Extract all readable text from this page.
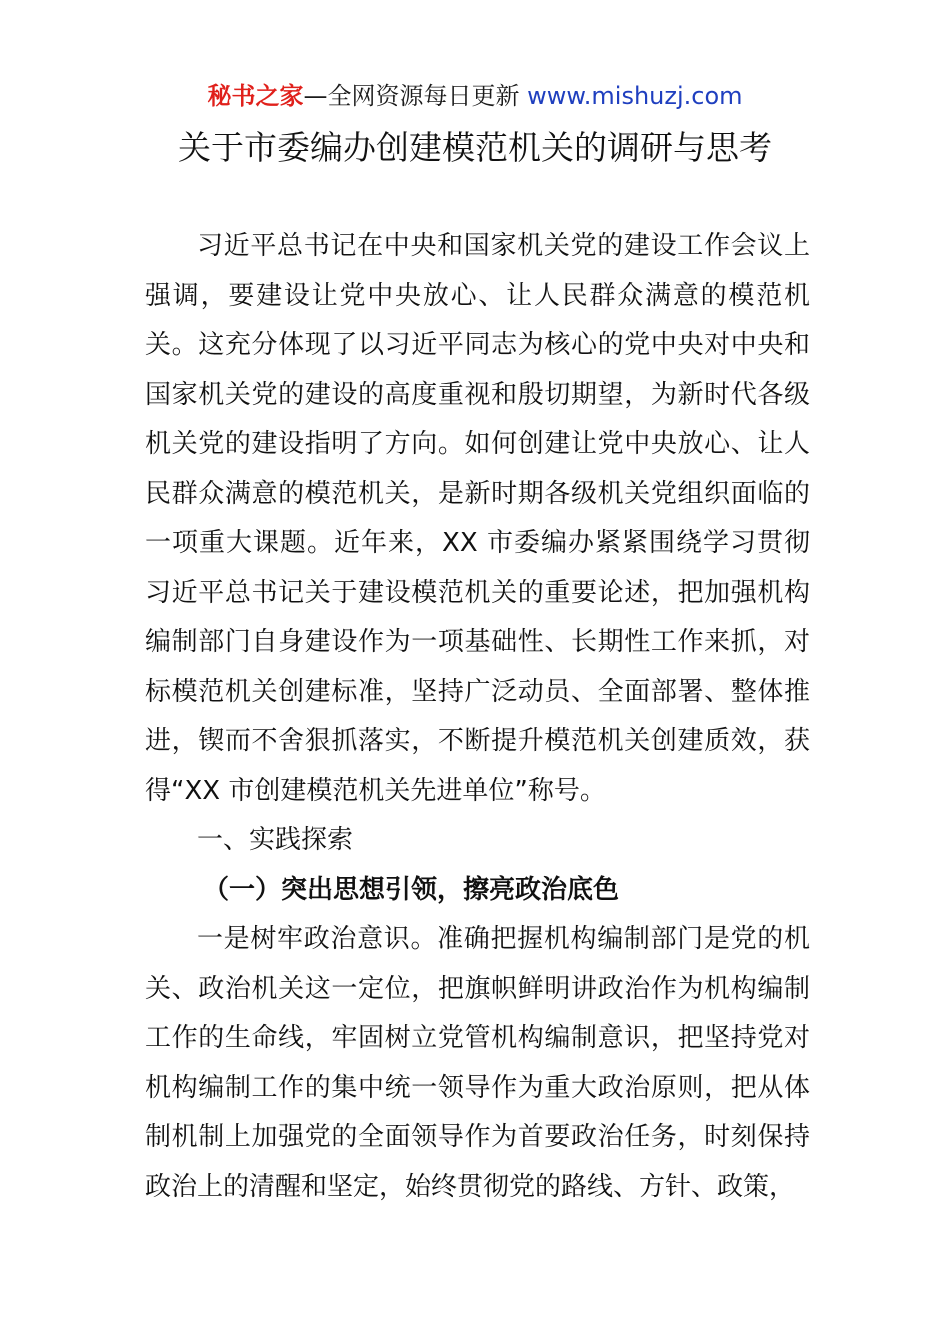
秘书之家—全网资源每日更新 www.mishuzj.com
关于市委编办创建模范机关的调研与思考

习近平总书记在中央和国家机关党的建设工作会议上强调，要建设让党中央放心、让人民群众满意的模范机关。这充分体现了以习近平同志为核心的党中央对中央和国家机关党的建设的高度重视和殷切期望，为新时代各级机关党的建设指明了方向。如何创建让党中央放心、让人民群众满意的模范机关，是新时期各级机关党组织面临的一项重大课题。近年来，XX 市委编办紧紧围绕学习贯彻习近平总书记关于建设模范机关的重要论述，把加强机构编制部门自身建设作为一项基础性、长期性工作来抓，对标模范机关创建标准，坚持广泛动员、全面部署、整体推进，锲而不舍狠抓落实，不断提升模范机关创建质效，获得“XX 市创建模范机关先进单位”称号。

一、实践探索

（一）突出思想引领，擦亮政治底色

一是树牢政治意识。准确把握机构编制部门是党的机关、政治机关这一定位，把旗帜鲜明讲政治作为机构编制工作的生命线，牢固树立党管机构编制意识，把坚持党对机构编制工作的集中统一领导作为重大政治原则，把从体制机制上加强党的全面领导作为首要政治任务，时刻保持政治上的清醒和坚定，始终贯彻党的路线、方针、政策，
